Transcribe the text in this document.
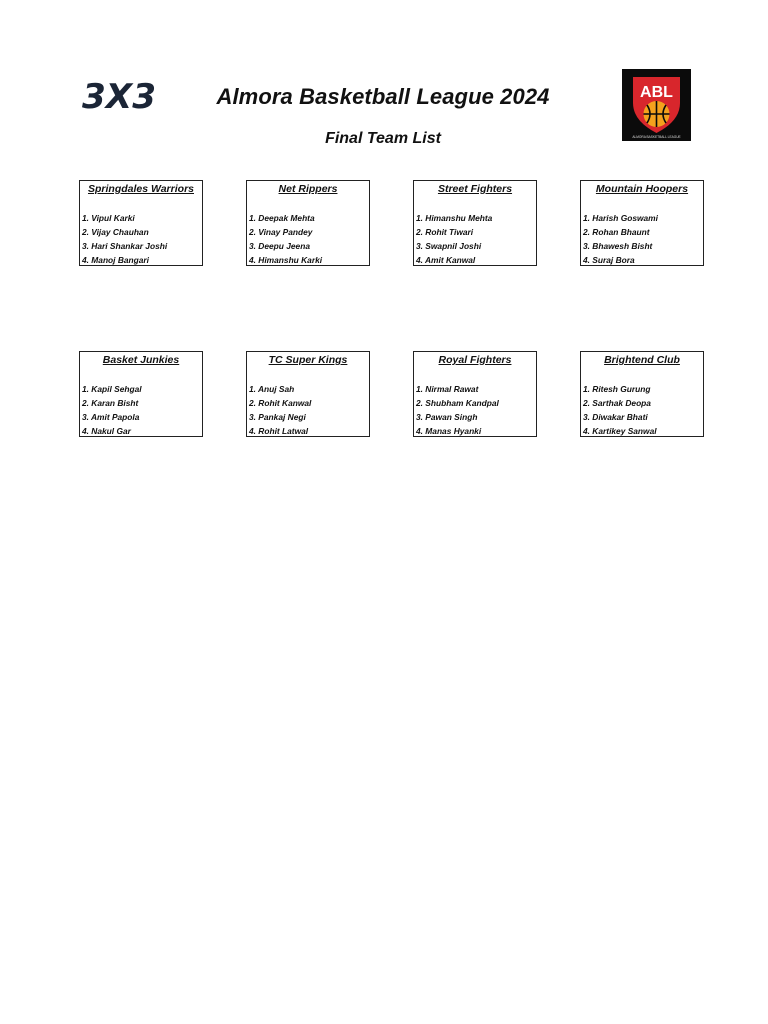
3X3	Almora Basketball League 2024
Final Team List
ABL
ALMORA BASKETBALL LEAGUE
Springdales Warriors
1. Vipul Karki
2. Vijay Chauhan
3. Hari Shankar Joshi
4. Manoj Bangari
Net Rippers
1. Deepak Mehta
2. Vinay Pandey
3. Deepu Jeena
4. Himanshu Karki
Street Fighters
1. Himanshu Mehta
2. Rohit Tiwari
3. Swapnil Joshi
4. Amit Kanwal
Mountain Hoopers
1. Harish Goswami
2. Rohan Bhaunt
3. Bhawesh Bisht
4. Suraj Bora
Basket Junkies
1. Kapil Sehgal
2. Karan Bisht
3. Amit Papola
4. Nakul Gar
TC Super Kings
1. Anuj Sah
2. Rohit Kanwal
3. Pankaj Negi
4. Rohit Latwal
Royal Fighters
1. Nirmal Rawat
2. Shubham Kandpal
3. Pawan Singh
4. Manas Hyanki
Brightend Club
1. Ritesh Gurung
2. Sarthak Deopa
3. Diwakar Bhati
4. Kartikey Sanwal
